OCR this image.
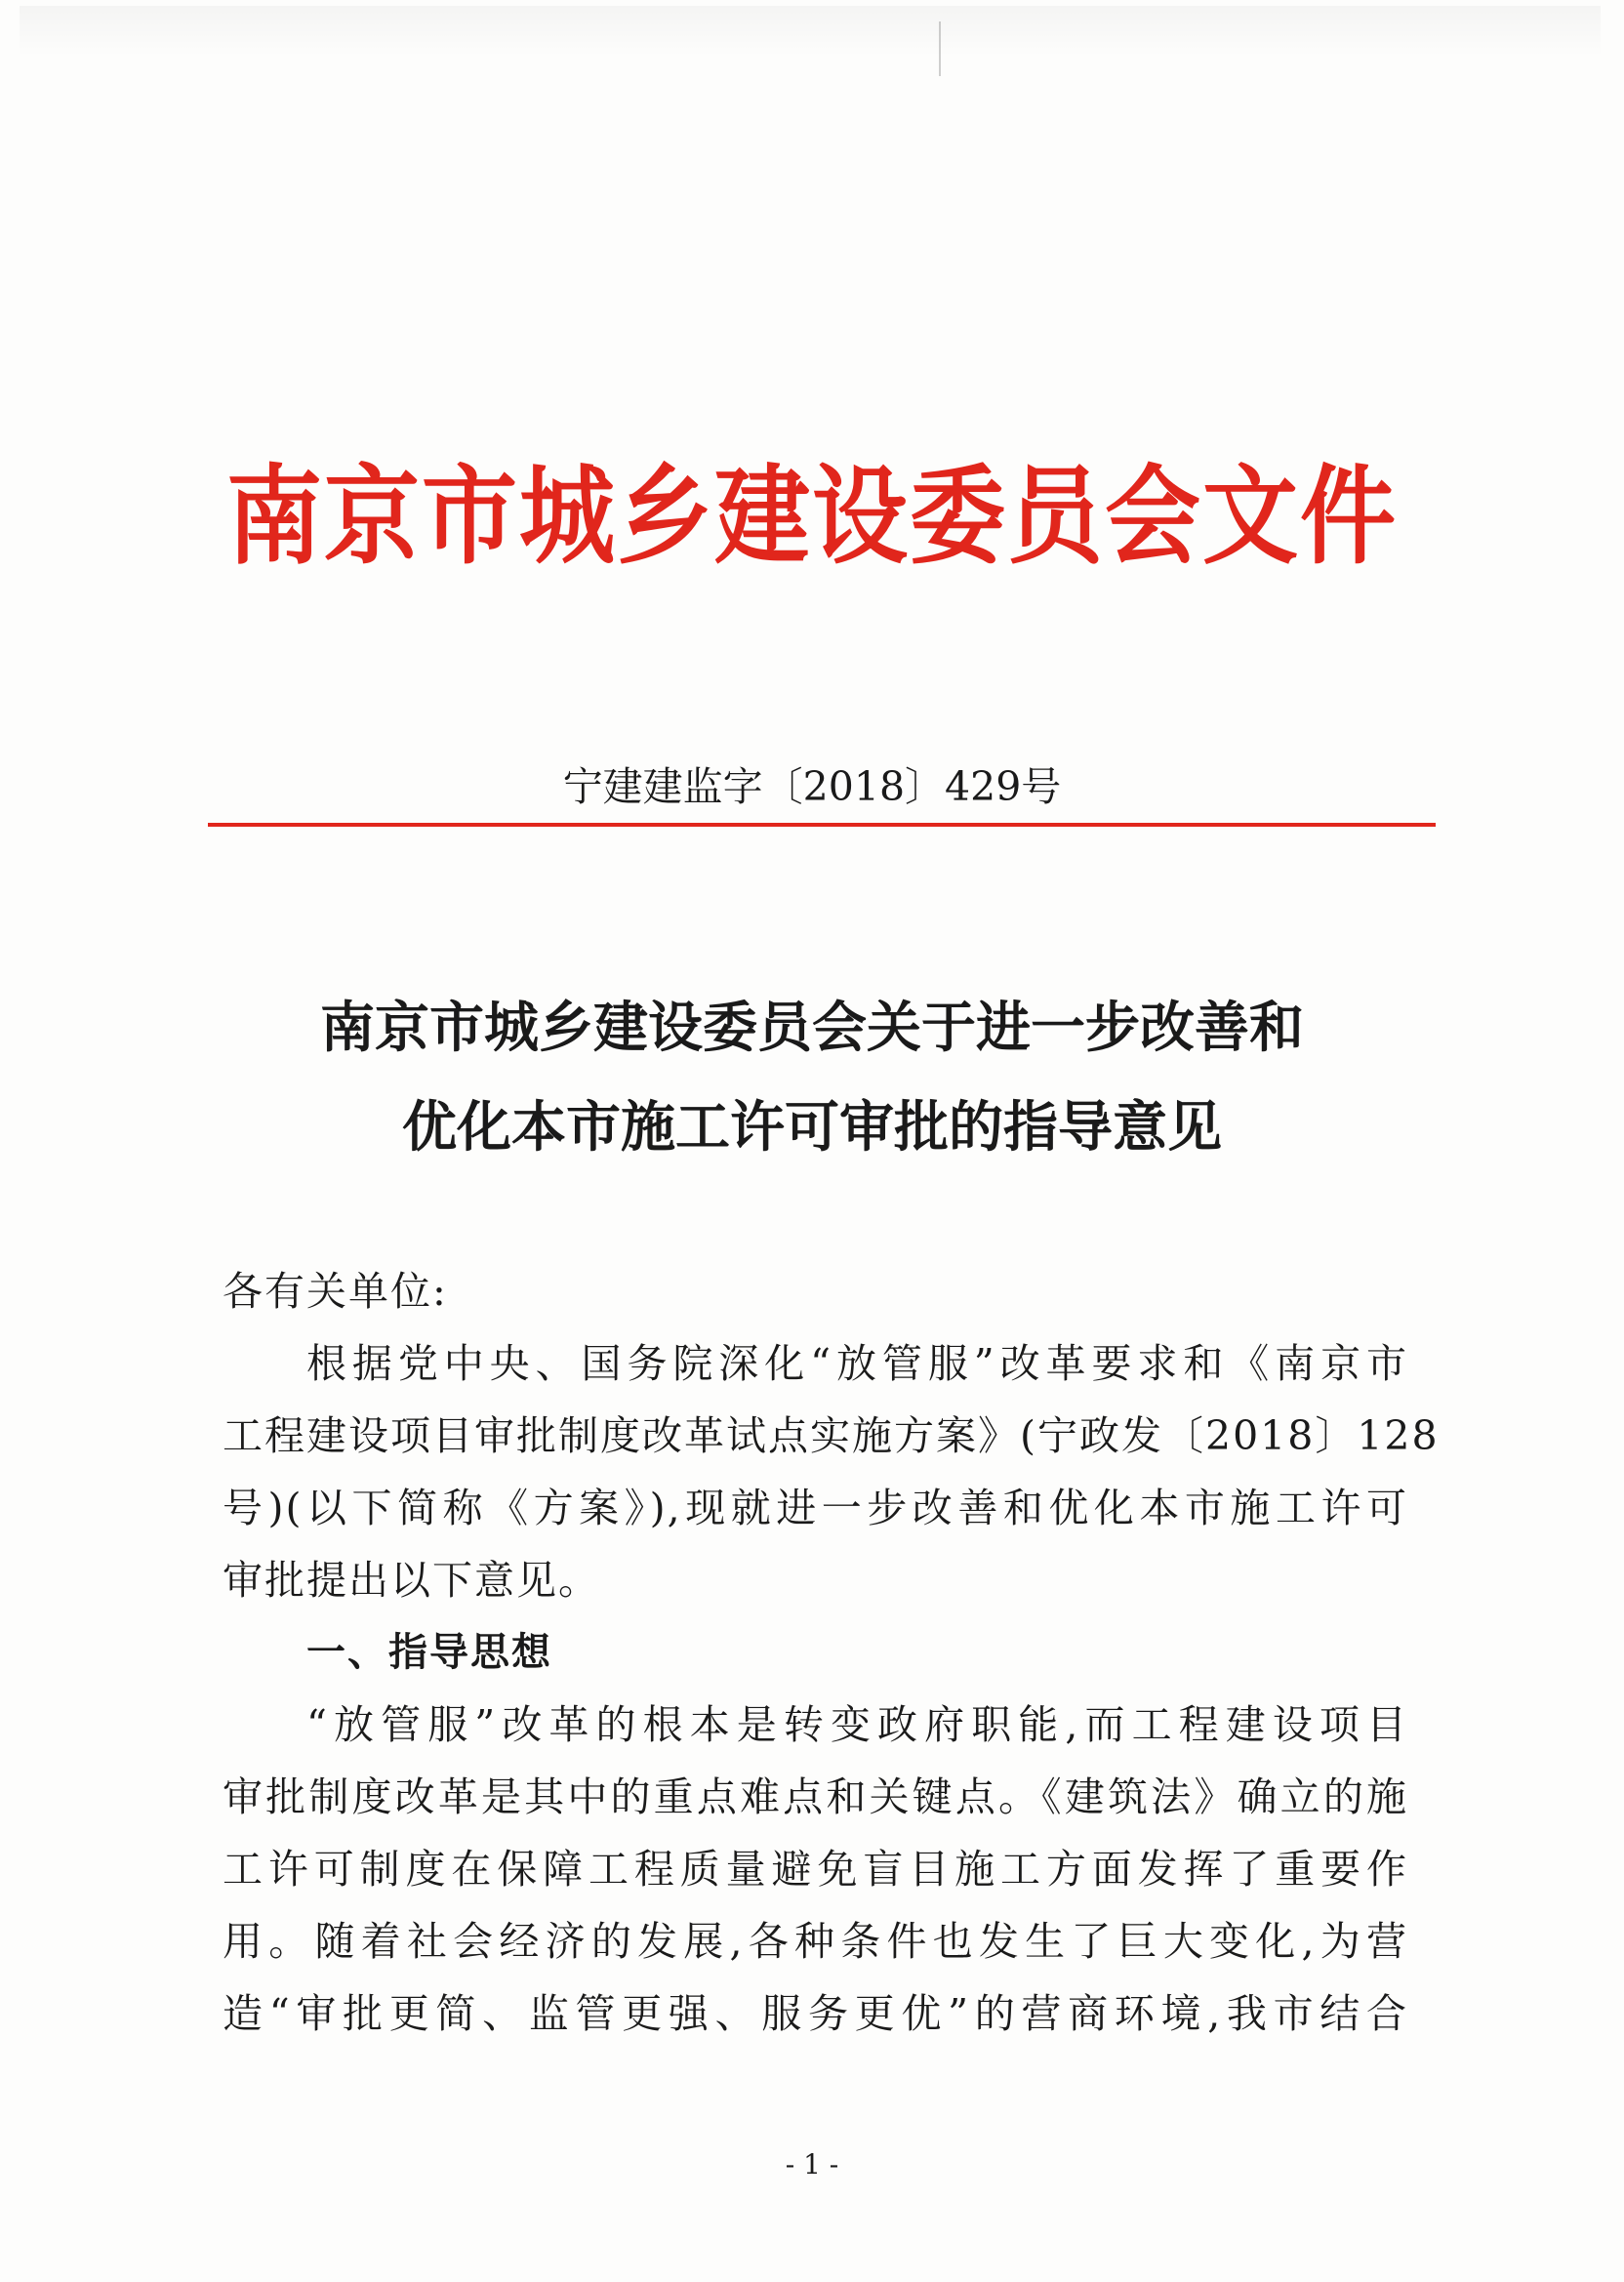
南京市城乡建设委员会文件
宁建建监字〔2018〕429号
南京市城乡建设委员会关于进一步改善和
优化本市施工许可审批的指导意见
各有关单位:
根据党中央、国务院深化“放管服”改革要求和《南京市
工程建设项目审批制度改革试点实施方案》(宁政发〔2018〕128
号)(以下简称《方案》),现就进一步改善和优化本市施工许可
审批提出以下意见。
一、指导思想
“放管服”改革的根本是转变政府职能,而工程建设项目
审批制度改革是其中的重点难点和关键点。《建筑法》确立的施
工许可制度在保障工程质量避免盲目施工方面发挥了重要作
用。随着社会经济的发展,各种条件也发生了巨大变化,为营
造“审批更简、监管更强、服务更优”的营商环境,我市结合
- 1 -
